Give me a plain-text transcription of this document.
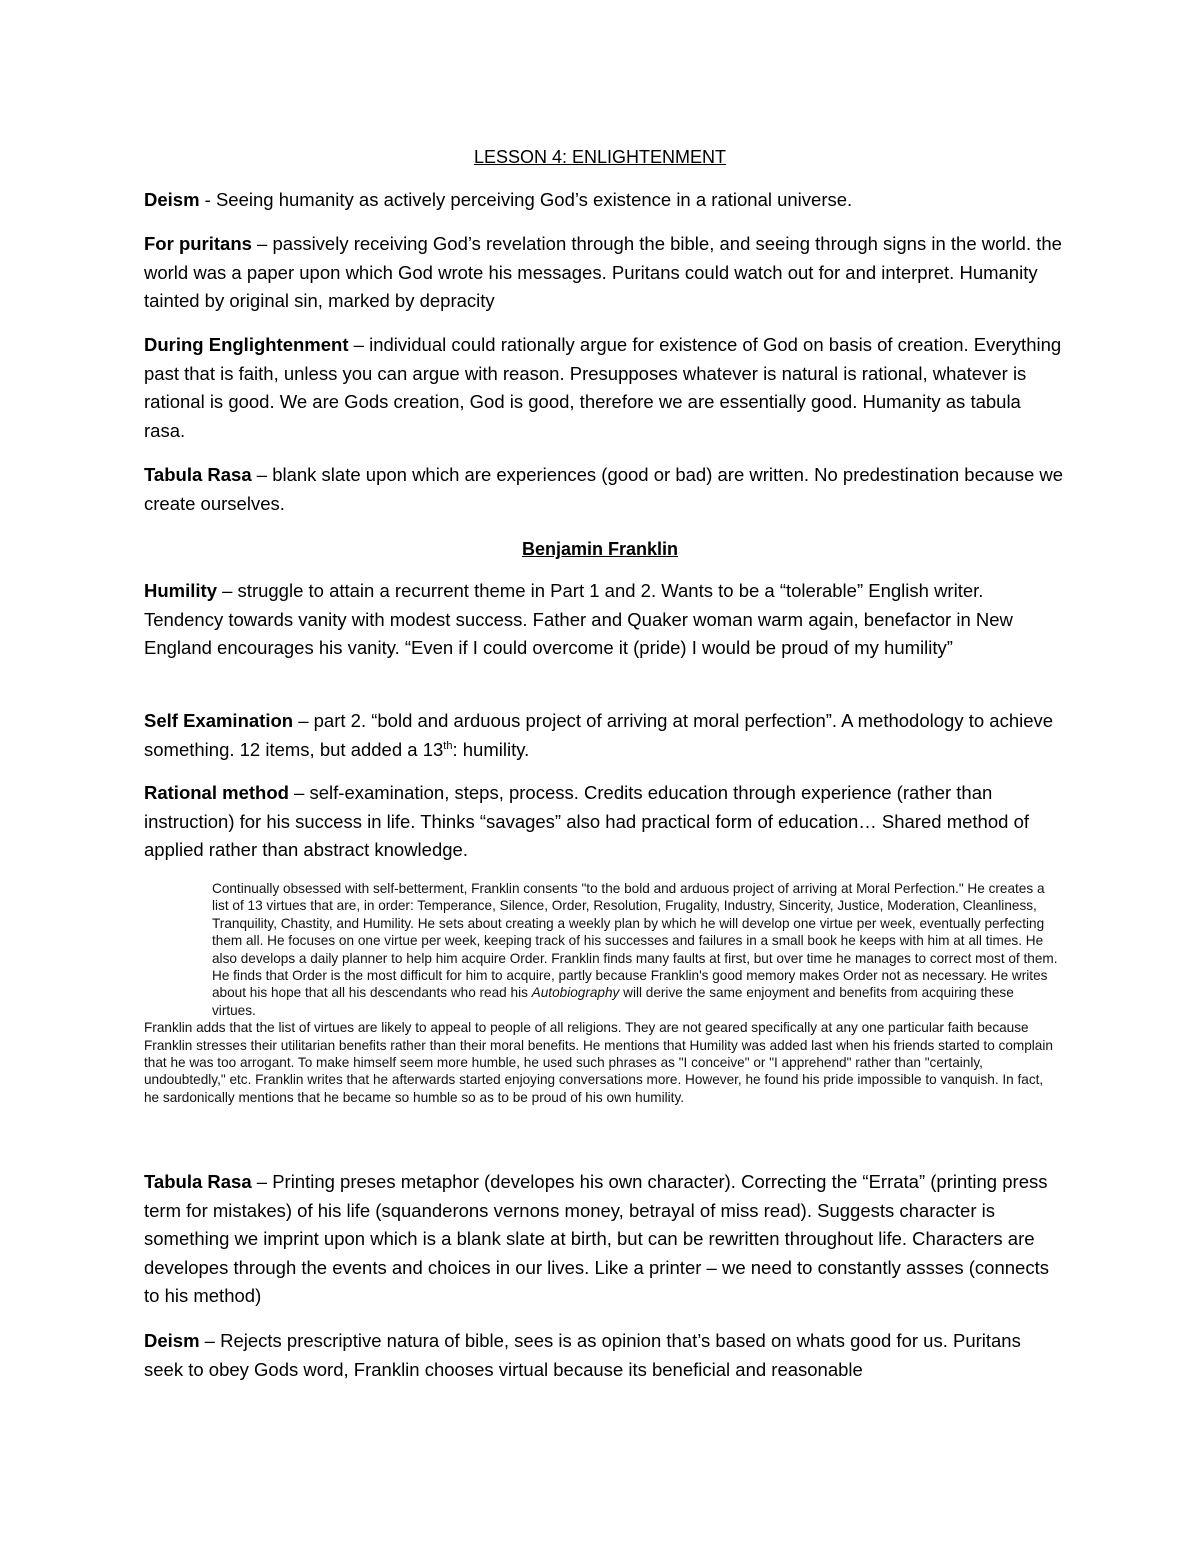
LESSON 4: ENLIGHTENMENT

Deism - Seeing humanity as actively perceiving God’s existence in a rational universe.

For puritans – passively receiving God’s revelation through the bible, and seeing through signs in the world. the world was a paper upon which God wrote his messages. Puritans could watch out for and interpret. Humanity tainted by original sin, marked by depracity

During Englightenment – individual could rationally argue for existence of God on basis of creation. Everything past that is faith, unless you can argue with reason. Presupposes whatever is natural is rational, whatever is rational is good. We are Gods creation, God is good, therefore we are essentially good. Humanity as tabula rasa.

Tabula Rasa – blank slate upon which are experiences (good or bad) are written. No predestination because we create ourselves.

Benjamin Franklin

Humility – struggle to attain a recurrent theme in Part 1 and 2. Wants to be a “tolerable” English writer. Tendency towards vanity with modest success. Father and Quaker woman warm again, benefactor in New England encourages his vanity. “Even if I could overcome it (pride) I would be proud of my humility”

Self Examination – part 2. “bold and arduous project of arriving at moral perfection”. A methodology to achieve something. 12 items, but added a 13th: humility.

Rational method – self-examination, steps, process. Credits education through experience (rather than instruction) for his success in life. Thinks “savages” also had practical form of education… Shared method of applied rather than abstract knowledge.

Continually obsessed with self-betterment, Franklin consents "to the bold and arduous project of arriving at Moral Perfection." He creates a list of 13 virtues that are, in order: Temperance, Silence, Order, Resolution, Frugality, Industry, Sincerity, Justice, Moderation, Cleanliness, Tranquility, Chastity, and Humility. He sets about creating a weekly plan by which he will develop one virtue per week, eventually perfecting them all. He focuses on one virtue per week, keeping track of his successes and failures in a small book he keeps with him at all times. He also develops a daily planner to help him acquire Order. Franklin finds many faults at first, but over time he manages to correct most of them. He finds that Order is the most difficult for him to acquire, partly because Franklin's good memory makes Order not as necessary. He writes about his hope that all his descendants who read his Autobiography will derive the same enjoyment and benefits from acquiring these virtues.
Franklin adds that the list of virtues are likely to appeal to people of all religions. They are not geared specifically at any one particular faith because Franklin stresses their utilitarian benefits rather than their moral benefits. He mentions that Humility was added last when his friends started to complain that he was too arrogant. To make himself seem more humble, he used such phrases as "I conceive" or "I apprehend" rather than "certainly, undoubtedly," etc. Franklin writes that he afterwards started enjoying conversations more. However, he found his pride impossible to vanquish. In fact, he sardonically mentions that he became so humble so as to be proud of his own humility.

Tabula Rasa – Printing preses metaphor (developes his own character). Correcting the “Errata” (printing press term for mistakes) of his life (squanderons vernons money, betrayal of miss read). Suggests character is something we imprint upon which is a blank slate at birth, but can be rewritten throughout life. Characters are developes through the events and choices in our lives. Like a printer – we need to constantly assses (connects to his method)

Deism – Rejects prescriptive natura of bible, sees is as opinion that’s based on whats good for us. Puritans seek to obey Gods word, Franklin chooses virtual because its beneficial and reasonable
